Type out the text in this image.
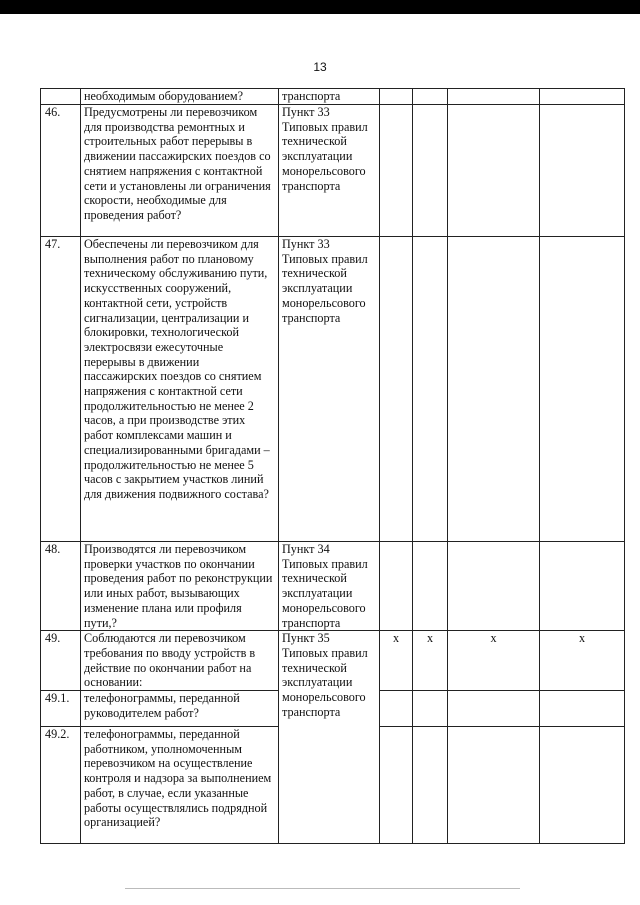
13
	необходимым оборудованием?	транспорта				
46.	Предусмотрены ли перевозчиком для производства ремонтных и строительных работ перерывы в движении пассажирских поездов со снятием напряжения с контактной сети и установлены ли ограничения скорости, необходимые для проведения работ?	Пункт 33 Типовых правил технической эксплуатации монорельсового транспорта				
47.	Обеспечены ли перевозчиком для выполнения работ по плановому техническому обслуживанию пути, искусственных сооружений, контактной сети, устройств сигнализации, централизации и блокировки, технологической электросвязи ежесуточные перерывы в движении пассажирских поездов со снятием напряжения с контактной сети продолжительностью не менее 2 часов, а при производстве этих работ комплексами машин и специализированными бригадами – продолжительностью не менее 5 часов с закрытием участков линий для движения подвижного состава?	Пункт 33 Типовых правил технической эксплуатации монорельсового транспорта				
48.	Производятся ли перевозчиком проверки участков по окончании проведения работ по реконструкции или иных работ, вызывающих изменение плана или профиля пути,?	Пункт 34 Типовых правил технической эксплуатации монорельсового транспорта				
49.	Соблюдаются ли перевозчиком требования по вводу устройств в действие по окончании работ на основании:	Пункт 35 Типовых правил технической эксплуатации монорельсового транспорта	x	x	x	x
49.1.	телефонограммы, переданной руководителем работ?					
49.2.	телефонограммы, переданной работником, уполномоченным перевозчиком на осуществление контроля и надзора за выполнением работ, в случае, если указанные работы осуществлялись подрядной организацией?					
